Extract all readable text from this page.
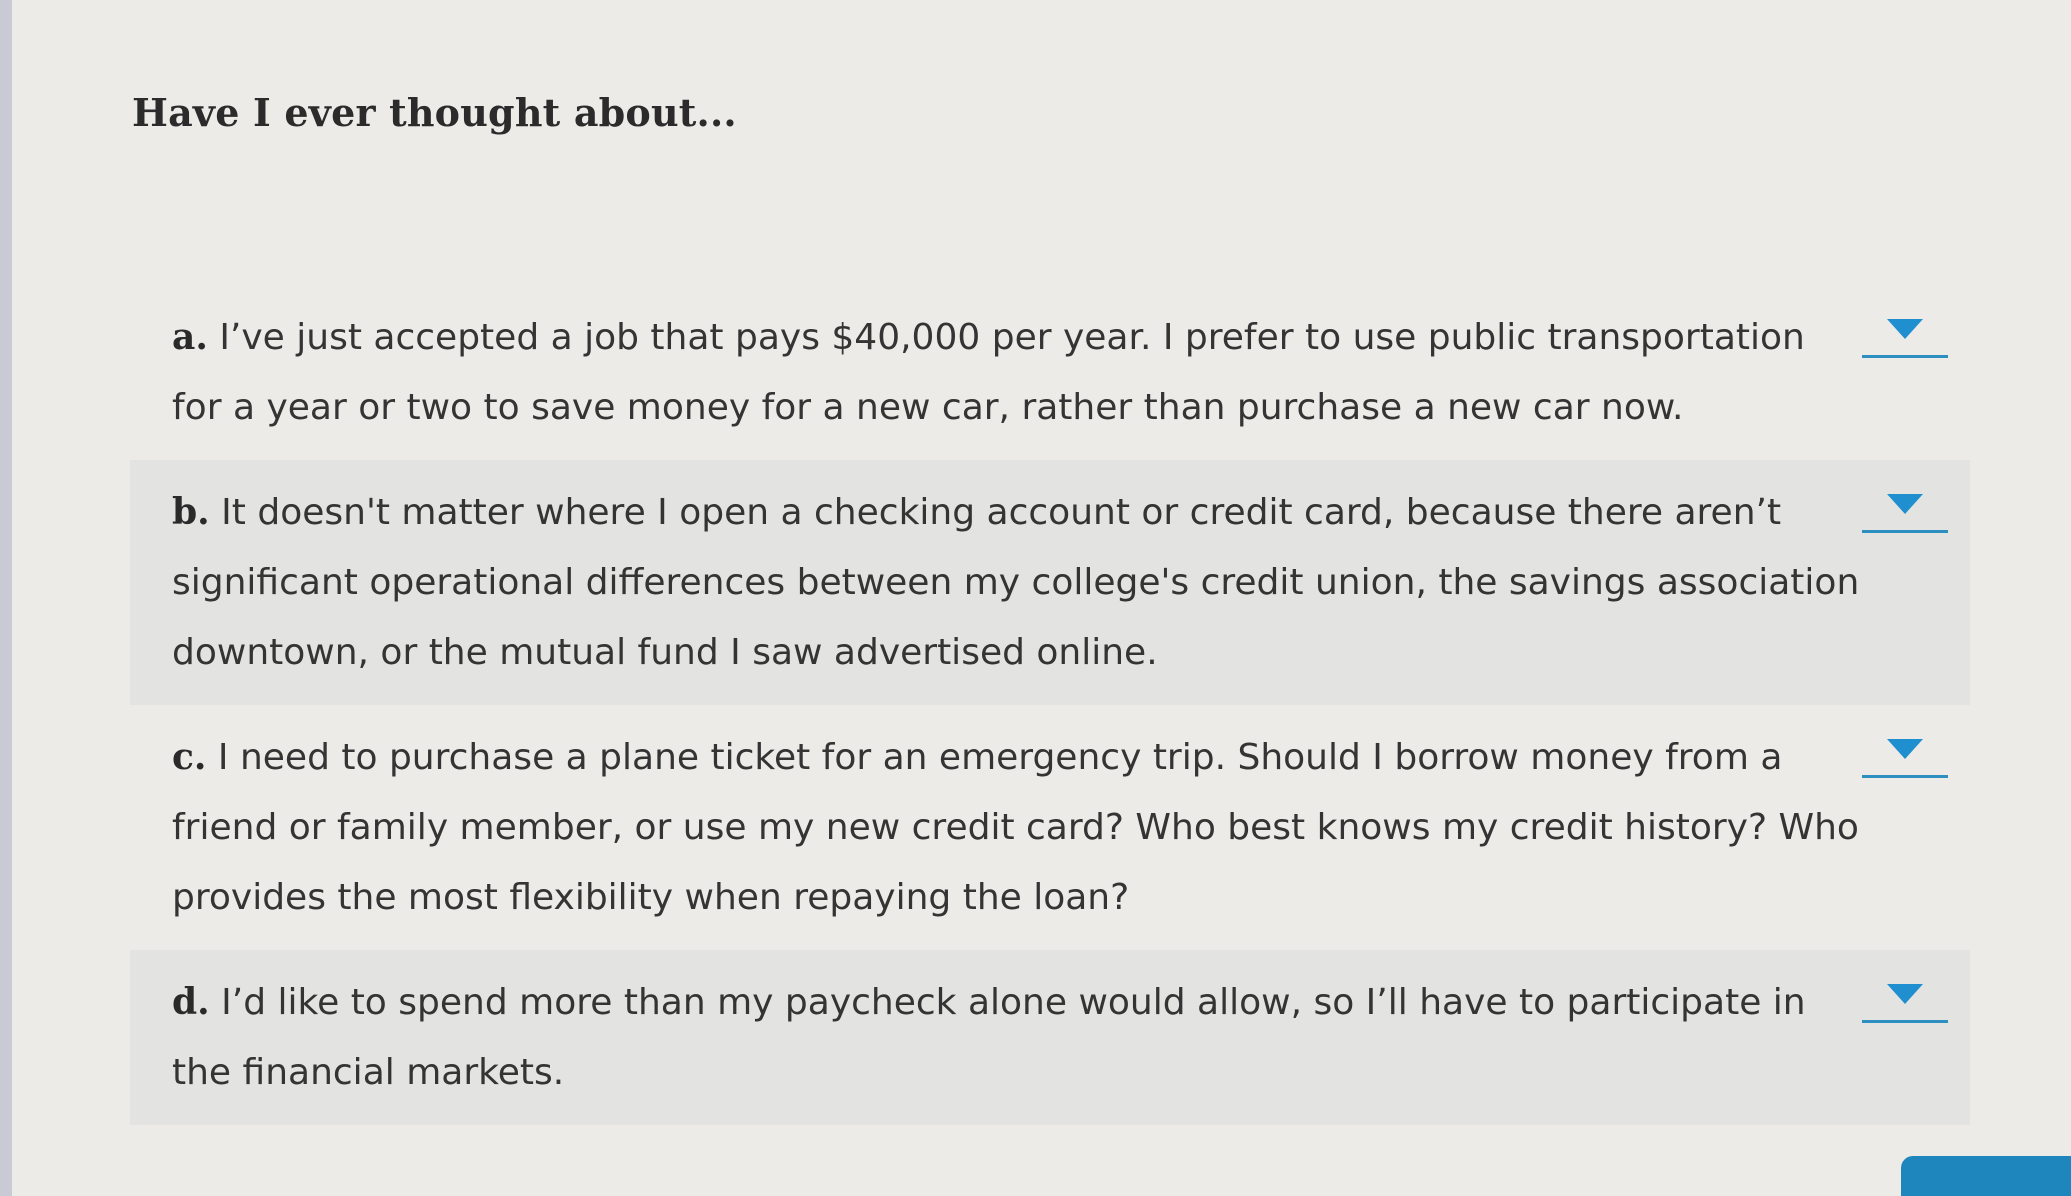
Have I ever thought about...
a. I’ve just accepted a job that pays $40,000 per year. I prefer to use public transportation for a year or two to save money for a new car, rather than purchase a new car now.
b. It doesn't matter where I open a checking account or credit card, because there aren’t significant operational differences between my college's credit union, the savings association downtown, or the mutual fund I saw advertised online.
c. I need to purchase a plane ticket for an emergency trip. Should I borrow money from a friend or family member, or use my new credit card? Who best knows my credit history? Who provides the most flexibility when repaying the loan?
d. I’d like to spend more than my paycheck alone would allow, so I’ll have to participate in the financial markets.
